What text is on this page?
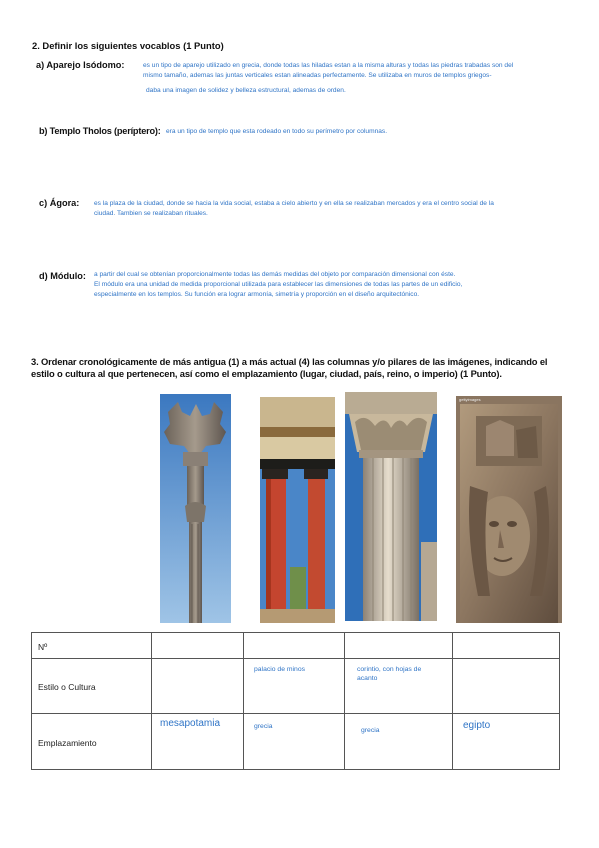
2. Definir los siguientes vocablos (1 Punto)
a) Aparejo Isódomo:	es un tipo de aparejo utilizado en grecia, donde todas las hiladas estan a la misma alturas y todas las piedras trabadas son del
mismo tamaño, ademas las juntas verticales estan alineadas perfectamente. Se utilizaba en muros de templos griegos-
daba una imagen de solidez y belleza estructural, ademas de orden.
b) Templo Tholos (períptero): era un tipo de templo que esta rodeado en todo su perímetro por columnas.
c) Ágora: es la plaza de la ciudad, donde se hacia la vida social, estaba a cielo abierto y en ella se realizaban mercados y era el centro social de la
ciudad. Tambien se realizaban rituales.
d) Módulo: a partir del cual se obtenían proporcionalmente todas las demás medidas del objeto por comparación dimensional con éste.
El módulo era una unidad de medida proporcional utilizada para establecer las dimensiones de todas las partes de un edificio,
especialmente en los templos. Su función era lograr armonía, simetría y proporción en el diseño arquitectónico.
3. Ordenar cronológicamente de más antigua (1) a más actual (4) las columnas y/o pilares de las imágenes, indicando el
estilo o cultura al que pertenecen, así como el emplazamiento (lugar, ciudad, país, reino, o imperio) (1 Punto).
gettyimages
Nº				

Estilo o Cultura		palacio de minos	corintio, con hojas de acanto	

Emplazamiento	mesapotamia	grecia	grecia	egipto
